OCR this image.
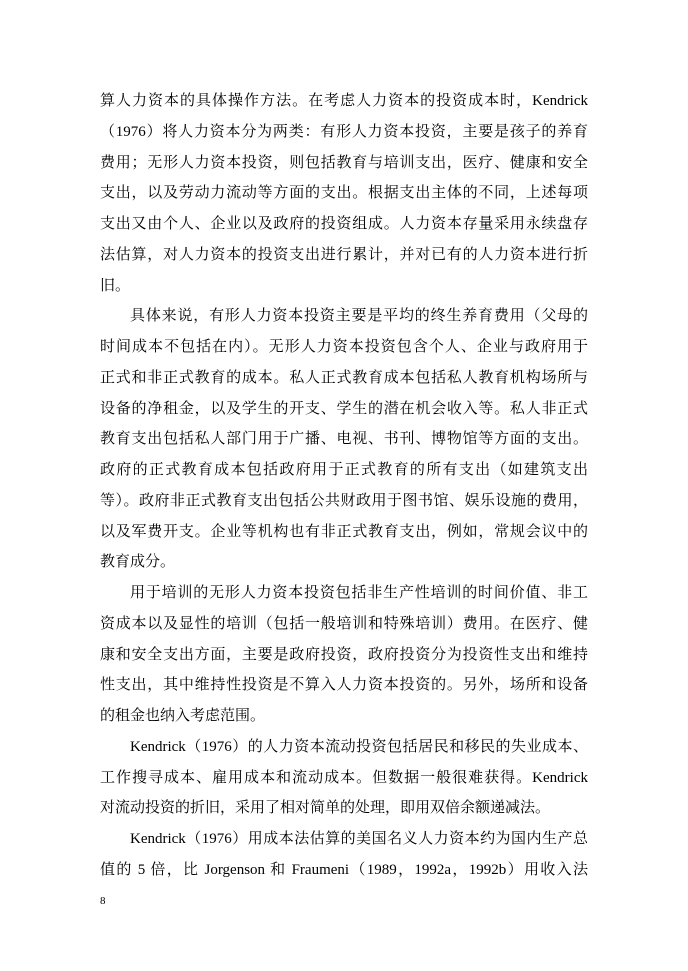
算人力资本的具体操作方法。在考虑人力资本的投资成本时，Kendrick
（1976）将人力资本分为两类：有形人力资本投资，主要是孩子的养育
费用；无形人力资本投资，则包括教育与培训支出，医疗、健康和安全
支出，以及劳动力流动等方面的支出。根据支出主体的不同，上述每项
支出又由个人、企业以及政府的投资组成。人力资本存量采用永续盘存
法估算，对人力资本的投资支出进行累计，并对已有的人力资本进行折
旧。
具体来说，有形人力资本投资主要是平均的终生养育费用（父母的
时间成本不包括在内）。无形人力资本投资包含个人、企业与政府用于
正式和非正式教育的成本。私人正式教育成本包括私人教育机构场所与
设备的净租金，以及学生的开支、学生的潜在机会收入等。私人非正式
教育支出包括私人部门用于广播、电视、书刊、博物馆等方面的支出。
政府的正式教育成本包括政府用于正式教育的所有支出（如建筑支出
等）。政府非正式教育支出包括公共财政用于图书馆、娱乐设施的费用，
以及军费开支。企业等机构也有非正式教育支出，例如，常规会议中的
教育成分。
用于培训的无形人力资本投资包括非生产性培训的时间价值、非工
资成本以及显性的培训（包括一般培训和特殊培训）费用。在医疗、健
康和安全支出方面，主要是政府投资，政府投资分为投资性支出和维持
性支出，其中维持性投资是不算入人力资本投资的。另外，场所和设备
的租金也纳入考虑范围。
Kendrick（1976）的人力资本流动投资包括居民和移民的失业成本、
工作搜寻成本、雇用成本和流动成本。但数据一般很难获得。Kendrick
对流动投资的折旧，采用了相对简单的处理，即用双倍余额递减法。
Kendrick（1976）用成本法估算的美国名义人力资本约为国内生产总
值的 5 倍，比 Jorgenson 和 Fraumeni（1989，1992a，1992b）用收入法
8
